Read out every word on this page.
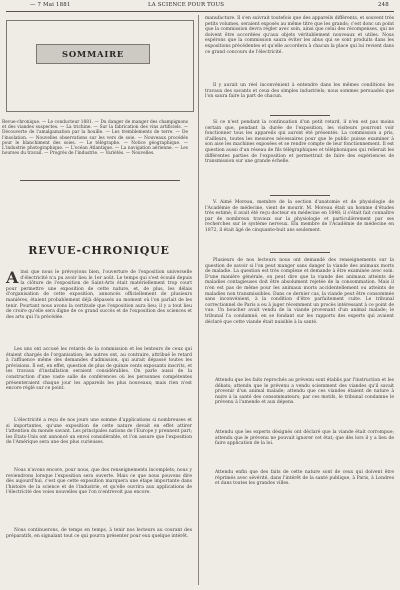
— 7 Mai 1881	LA SCIENCE POUR TOUS	248
SOMMAIRE
Revue-chronique. — Le conducteur 1881. — Du danger de manger des champignons et des viandes suspectes. — La trichine. — Sur la fabrication des vins artificiels. — Découverte de l'amalgamation par la houille. — Les tremblements de terre. — De l'insolation. — Nouvelles observations sur les vers de soie. — Nouveaux procédés pour le blanchiment des soies. — Le télégraphe. — Notice géographique. — L'industrie photographique. — L'océan Atlantique. — La navigation aérienne. — Les bourses du travail. — Progrès de l'industrie. — Variétés. — Nouvelles.
REVUE-CHRONIQUE
Ainsi que nous le prévoyions bien, l'ouverture de l'exposition universelle d'électricité n'a pu avoir lieu le 1er août. Le temps qui s'est écoulé depuis la clôture de l'exposition de Saint-Arts était matériellement trop court pour permettre une exposition de cette nature, et, de plus, les délais d'organisation de cette exposition, annoncés officiellement de plusieurs manières, étaient probablement déjà dépassés au moment où l'on parlait de les tenir. Pourtant nous avons la certitude que l'exposition aura lieu; il y a tout lieu de croire qu'elle sera digne de ce grand succès et de l'exposition des sciences et des arts qui l'a précédée.
Les uns ont accusé les retards de la commission et les lenteurs de ceux qui étaient chargés de l'organisation; les autres ont, au contraire, attribué le retard à l'affluence même des demandes d'admission, qui aurait dépassé toutes les prévisions. Il est, en effet, question de plus de quinze cents exposants inscrits, et les travaux d'installation seraient considérables. On parle aussi de la construction d'une vaste salle de conférences où les personnes compétentes présenteraient chaque jour les appareils les plus nouveaux; mais rien n'est encore réglé sur ce point.
L'électricité a reçu de nos jours une somme d'applications si nombreuses et si importantes, qu'une exposition de cette nature devait en effet attirer l'attention du monde savant. Les principales nations de l'Europe y prennent part; les États-Unis ont annoncé un envoi considérable, et l'on assure que l'exposition de l'Amérique sera une des plus curieuses.
Nous n'avons encore, pour nous, que des renseignements incomplets; nous y reviendrons lorsque l'exposition sera ouverte. Mais ce que nous pouvons dire dès aujourd'hui, c'est que cette exposition marquera une étape importante dans l'histoire de la science et de l'industrie, et qu'elle ouvrira aux applications de l'électricité des voies nouvelles que l'on n'entrevoit pas encore.
Nous continuerons, de temps en temps, à tenir nos lecteurs au courant des préparatifs, en signalant tout ce qui pourra présenter pour eux quelque intérêt.
manufacture. Il s'en suivrait toutefois que des appareils différents, et souvent très petits volumes, seraient exposés au même titre que les grands; c'est donc un point que la commission devra régler avec soin, ainsi que celui des récompenses, qui ne doivent être accordées qu'aux objets véritablement nouveaux et utiles. Nous espérons que la commission saura éviter les abus qui se sont produits dans les expositions précédentes et qu'elle accordera à chacun la place qui lui revient dans ce grand concours de l'électricité.
Il y aurait un réel inconvénient à entendre dans les mêmes conditions les travaux des savants et ceux des simples industriels; nous sommes persuadés que l'on saura faire la part de chacun.
Si ce n'est pendant la continuation d'un petit retard, il n'en est pas moins certain que, pendant la durée de l'exposition, les visiteurs pourront voir fonctionner tous les appareils qui auront été présentés. La commission a pris, d'ailleurs, toutes les mesures nécessaires pour que le public puisse examiner à son aise les machines exposées et se rendre compte de leur fonctionnement. Il est question aussi d'un réseau de fils télégraphiques et téléphoniques qui relierait les différentes parties de l'exposition et permettrait de faire des expériences de transmission sur une grande échelle.
V. Aimé Moreau, membre de la section d'anatomie et de physiologie de l'Académie de médecine, vient de mourir. M. Moreau était un homme d'études très estimé; il avait été reçu docteur en médecine en 1848; il s'était fait connaître par de nombreux travaux sur la physiologie et particulièrement par ses recherches sur le système nerveux. Élu membre de l'Académie de médecine en 1872, il était âgé de cinquante-huit ans seulement.
Plusieurs de nos lecteurs nous ont demandé des renseignements sur la question de savoir si l'on peut manger sans danger la viande des animaux morts de maladie. La question est très complexe et demande à être examinée avec soin. D'une manière générale, on peut dire que la viande des animaux atteints de maladies contagieuses doit être absolument rejetée de la consommation. Mais il n'en est pas de même pour les animaux morts accidentellement ou atteints de maladies non transmissibles. Dans ce dernier cas, la viande peut être consommée sans inconvénient, à la condition d'être parfaitement cuite. Le tribunal correctionnel de Paris a eu à juger récemment un procès intéressant à ce point de vue. Un boucher avait vendu de la viande provenant d'un animal malade; le tribunal l'a condamné, en se fondant sur les rapports des experts qui avaient déclaré que cette viande était nuisible à la santé.
Attendu que les faits reprochés au prévenu sont établis par l'instruction et les débats; attendu que le prévenu a vendu sciemment des viandes qu'il savait provenir d'un animal malade; attendu que ces viandes étaient de nature à nuire à la santé des consommateurs; par ces motifs, le tribunal condamne le prévenu à l'amende et aux dépens.
Attendu que les experts désignés ont déclaré que la viande était corrompue; attendu que le prévenu ne pouvait ignorer cet état; que dès lors il y a lieu de faire application de la loi.
Attendu enfin que des faits de cette nature sont de ceux qui doivent être réprimés avec sévérité, dans l'intérêt de la santé publique, à Paris, à Londres et dans toutes les grandes villes.
